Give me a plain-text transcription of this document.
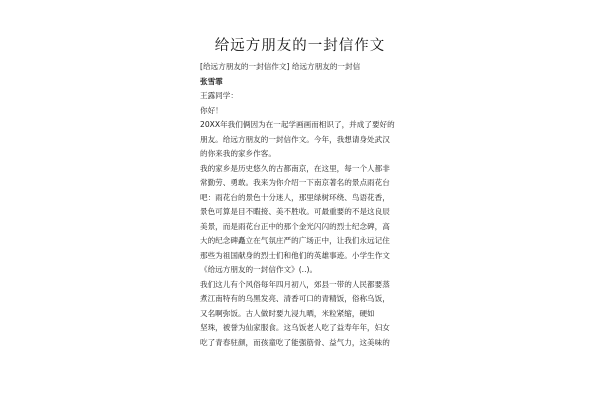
给远方朋友的一封信作文
[给远方朋友的一封信作文] 给远方朋友的一封信
张雪霏
王露同学：
你好！
20XX年我们俩因为在一起学画画而相识了，并成了要好的
朋友。给远方朋友的一封信作文。今年，我想请身处武汉
的你来我的家乡作客。
我的家乡是历史悠久的古都南京，在这里，每一个人都非
常勤劳、勇敢。我来为你介绍一下南京著名的景点雨花台
吧：雨花台的景色十分迷人，那里绿树环绕、鸟语花香，
景色可算是目不暇接、美不胜收。可最重要的不是这良辰
美景，而是雨花台正中的那个金光闪闪的烈士纪念碑，高
大的纪念碑矗立在气氛庄严的广场正中，让我们永远记住
那些为祖国献身的烈士们和他们的英雄事迹。小学生作文
《给远方朋友的一封信作文》(..)。
我们这儿有个风俗每年四月初八，郊县一带的人民都要蒸
煮江南特有的乌黑发亮、清香可口的青精饭，俗称乌饭，
又名啊弥饭。古人做时要九浸九晒，米粒紧缩，硬如
坚珠，被誉为仙家服食。这乌饭老人吃了益寿年年，妇女
吃了青春驻颜，而孩童吃了能强筋骨、益气力，这美味的
